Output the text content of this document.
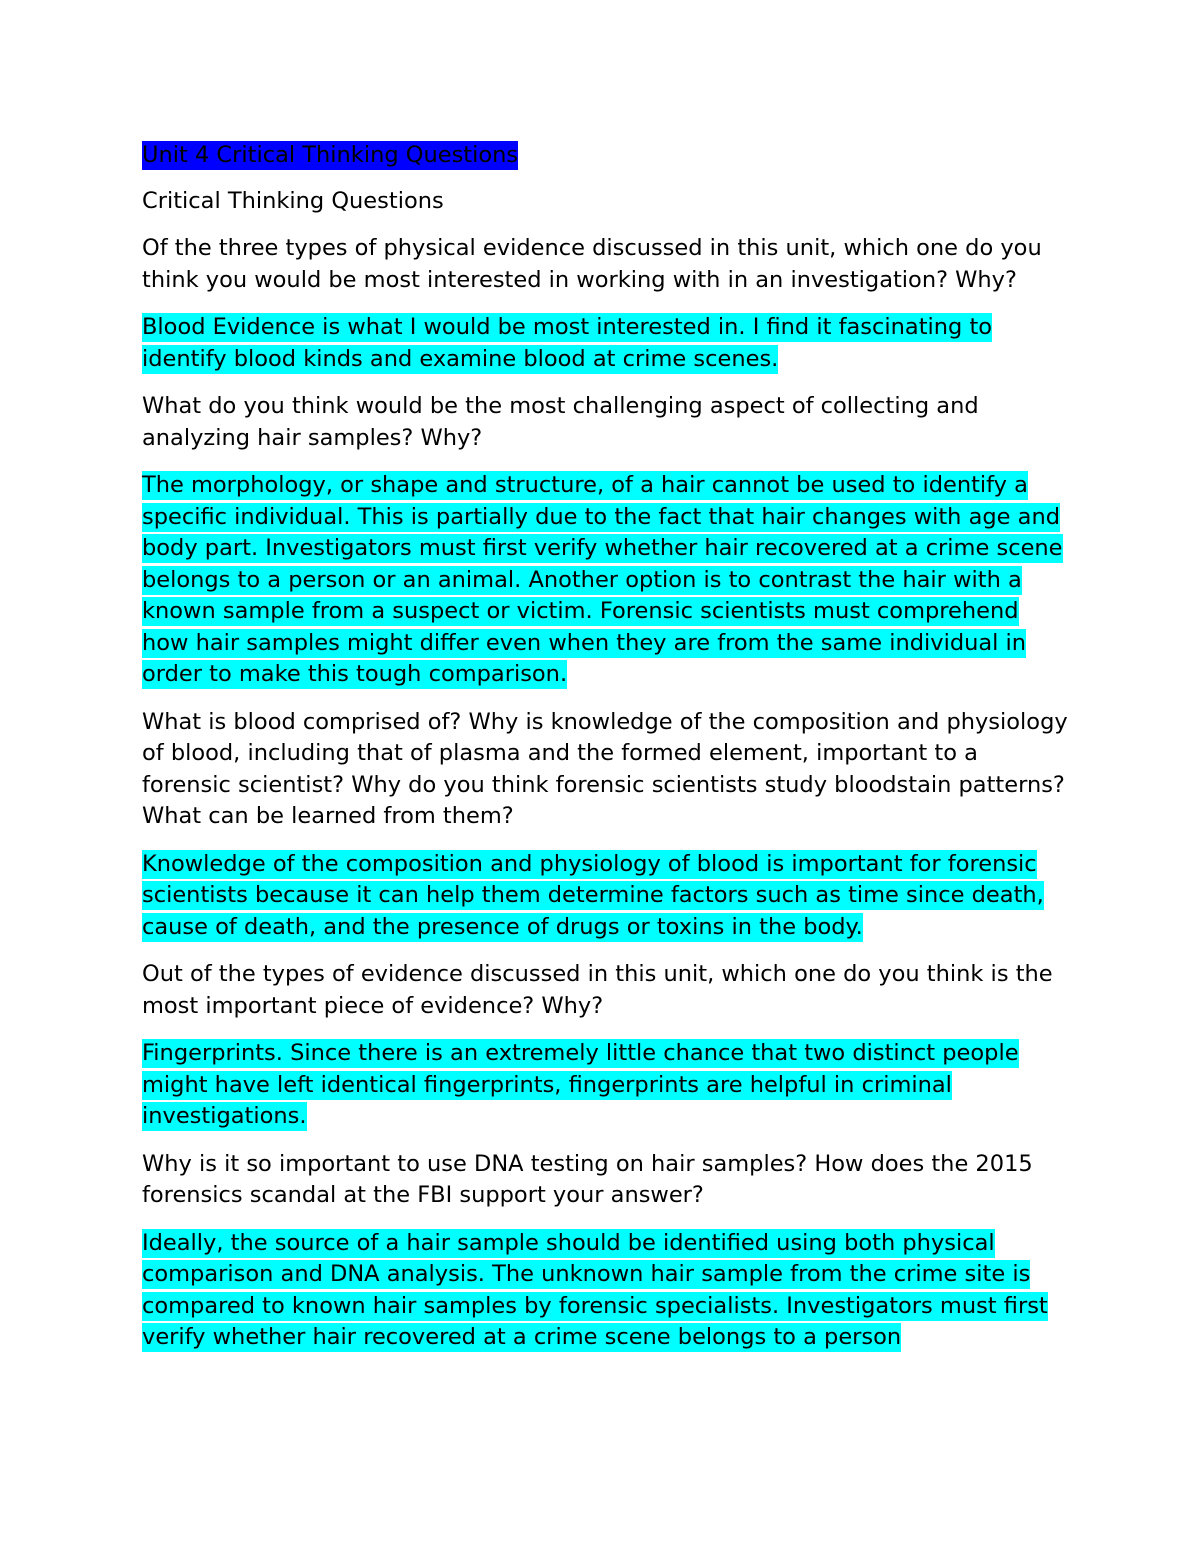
Unit 4 Critical Thinking Questions

Critical Thinking Questions

Of the three types of physical evidence discussed in this unit, which one do you think you would be most interested in working with in an investigation? Why?

Blood Evidence is what I would be most interested in. I find it fascinating to identify blood kinds and examine blood at crime scenes.

What do you think would be the most challenging aspect of collecting and analyzing hair samples? Why?

The morphology, or shape and structure, of a hair cannot be used to identify a specific individual. This is partially due to the fact that hair changes with age and body part. Investigators must first verify whether hair recovered at a crime scene belongs to a person or an animal. Another option is to contrast the hair with a known sample from a suspect or victim. Forensic scientists must comprehend how hair samples might differ even when they are from the same individual in order to make this tough comparison.

What is blood comprised of? Why is knowledge of the composition and physiology of blood, including that of plasma and the formed element, important to a forensic scientist? Why do you think forensic scientists study bloodstain patterns? What can be learned from them?

Knowledge of the composition and physiology of blood is important for forensic scientists because it can help them determine factors such as time since death, cause of death, and the presence of drugs or toxins in the body.

Out of the types of evidence discussed in this unit, which one do you think is the most important piece of evidence? Why?

Fingerprints. Since there is an extremely little chance that two distinct people might have left identical fingerprints, fingerprints are helpful in criminal investigations.

Why is it so important to use DNA testing on hair samples? How does the 2015 forensics scandal at the FBI support your answer?

Ideally, the source of a hair sample should be identified using both physical comparison and DNA analysis. The unknown hair sample from the crime site is compared to known hair samples by forensic specialists. Investigators must first verify whether hair recovered at a crime scene belongs to a person
